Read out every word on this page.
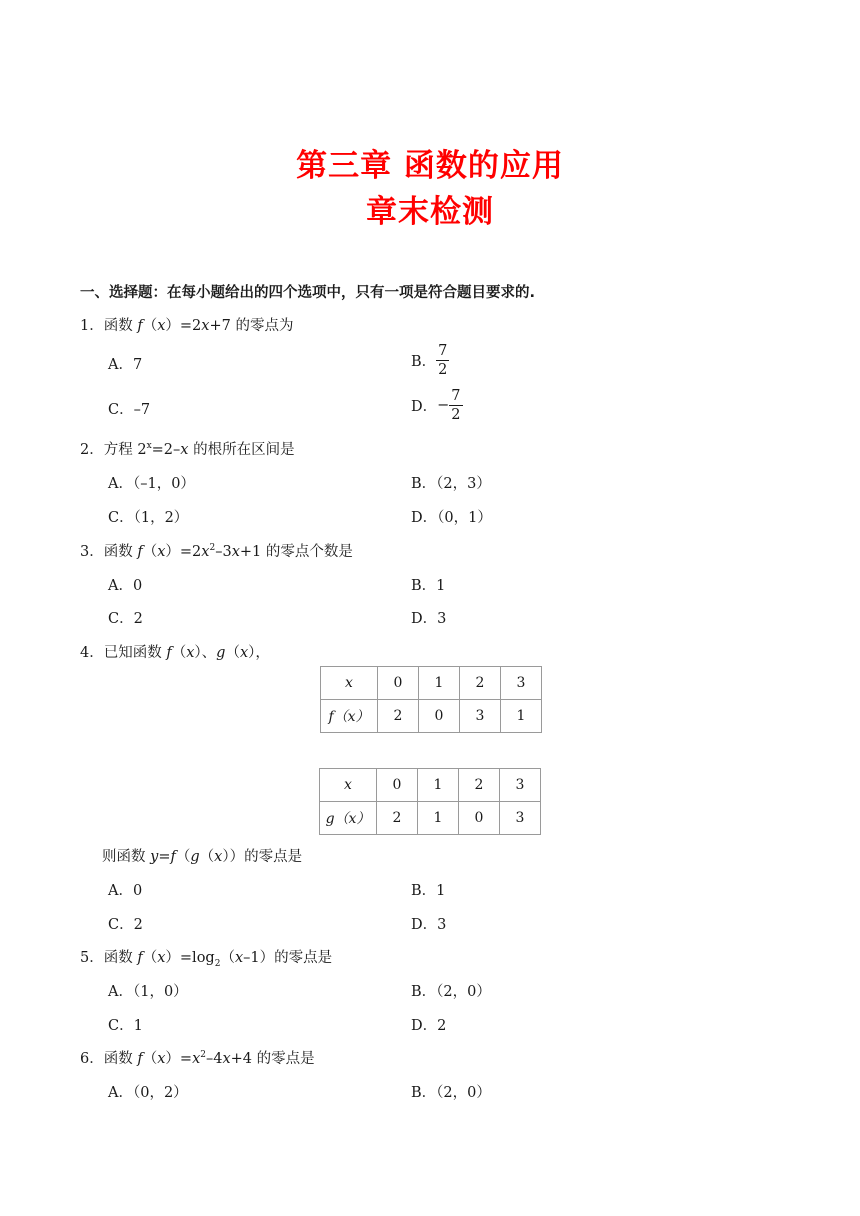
第三章 函数的应用
章末检测
一、选择题：在每小题给出的四个选项中，只有一项是符合题目要求的.
1．函数 f（x）=2x+7 的零点为
A．7	B． $\frac{7}{2}$
C．–7	D．− $\frac{7}{2}$
2．方程 $2^x=2-x$ 的根所在区间是
A．（–1，0）	B．（2，3）
C．（1，2）	D．（0，1）
3．函数 $f(x)=2x^2-3x+1$ 的零点个数是
A．0	B．1
C．2	D．3
4．已知函数 f（x）、g（x），
x	0	1	2	3
f（x）	2	0	3	1
x	0	1	2	3
g（x）	2	1	0	3
则函数 y=f（g（x））的零点是
A．0	B．1
C．2	D．3
5．函数 $f(x)=\log_2(x-1)$的零点是
A．（1，0）	B．（2，0）
C．1	D．2
6．函数 $f(x)=x^2-4x+4$ 的零点是
A．（0，2）	B．（2，0）
